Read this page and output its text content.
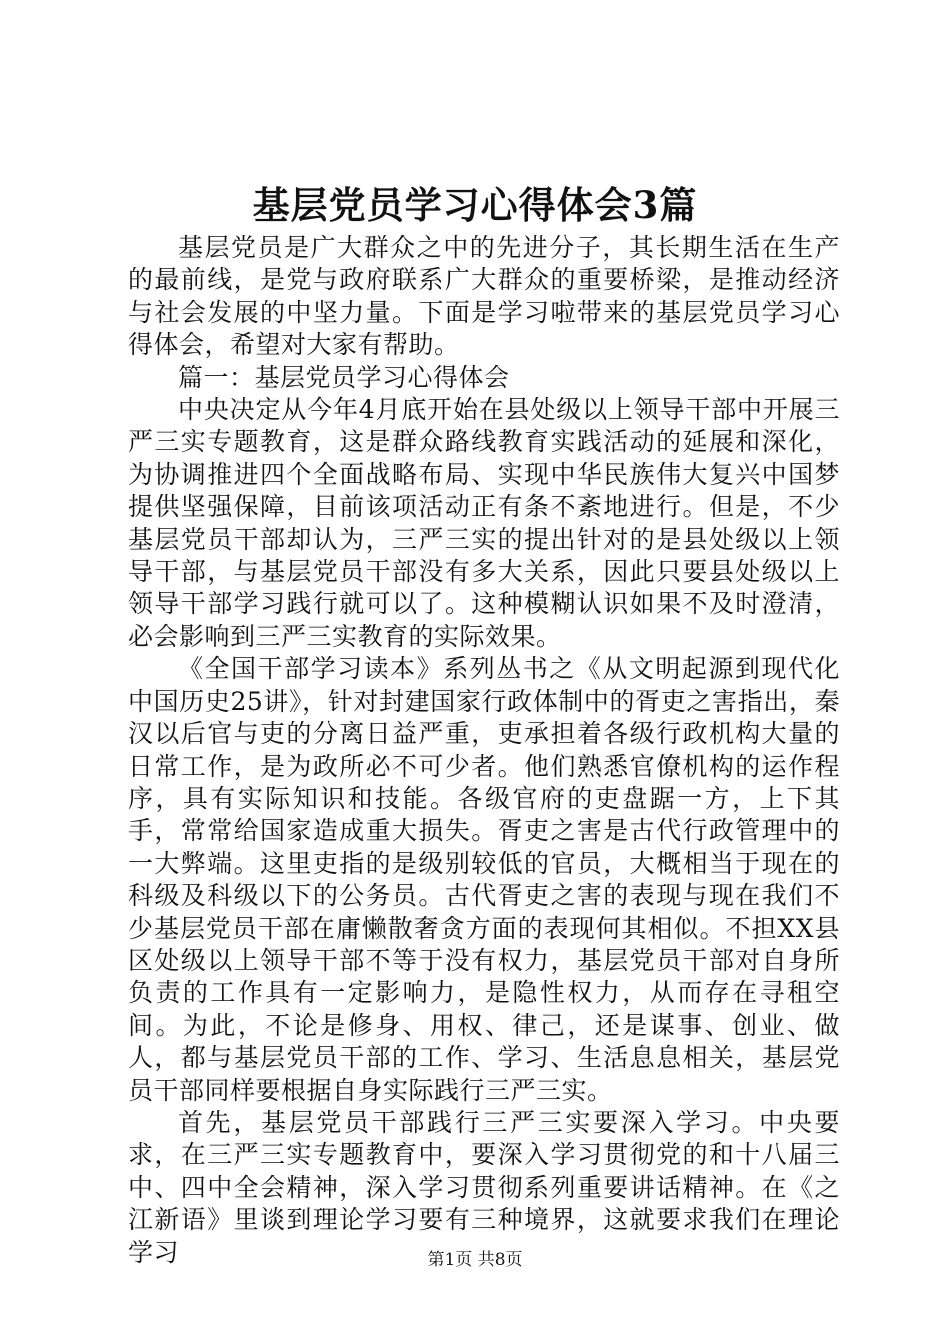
基层党员学习心得体会3篇

基层党员是广大群众之中的先进分子，其长期生活在生产的最前线，是党与政府联系广大群众的重要桥梁，是推动经济与社会发展的中坚力量。下面是学习啦带来的基层党员学习心得体会，希望对大家有帮助。

篇一：基层党员学习心得体会

中央决定从今年4月底开始在县处级以上领导干部中开展三严三实专题教育，这是群众路线教育实践活动的延展和深化，为协调推进四个全面战略布局、实现中华民族伟大复兴中国梦提供坚强保障，目前该项活动正有条不紊地进行。但是，不少基层党员干部却认为，三严三实的提出针对的是县处级以上领导干部，与基层党员干部没有多大关系，因此只要县处级以上领导干部学习践行就可以了。这种模糊认识如果不及时澄清，必会影响到三严三实教育的实际效果。

《全国干部学习读本》系列丛书之《从文明起源到现代化中国历史25讲》，针对封建国家行政体制中的胥吏之害指出，秦汉以后官与吏的分离日益严重，吏承担着各级行政机构大量的日常工作，是为政所必不可少者。他们熟悉官僚机构的运作程序，具有实际知识和技能。各级官府的吏盘踞一方，上下其手，常常给国家造成重大损失。胥吏之害是古代行政管理中的一大弊端。这里吏指的是级别较低的官员，大概相当于现在的科级及科级以下的公务员。古代胥吏之害的表现与现在我们不少基层党员干部在庸懒散奢贪方面的表现何其相似。不担XX县区处级以上领导干部不等于没有权力，基层党员干部对自身所负责的工作具有一定影响力，是隐性权力，从而存在寻租空间。为此，不论是修身、用权、律己，还是谋事、创业、做人，都与基层党员干部的工作、学习、生活息息相关，基层党员干部同样要根据自身实际践行三严三实。

首先，基层党员干部践行三严三实要深入学习。中央要求，在三严三实专题教育中，要深入学习贯彻党的和十八届三中、四中全会精神，深入学习贯彻系列重要讲话精神。在《之江新语》里谈到理论学习要有三种境界，这就要求我们在理论学习	第1页 共8页
